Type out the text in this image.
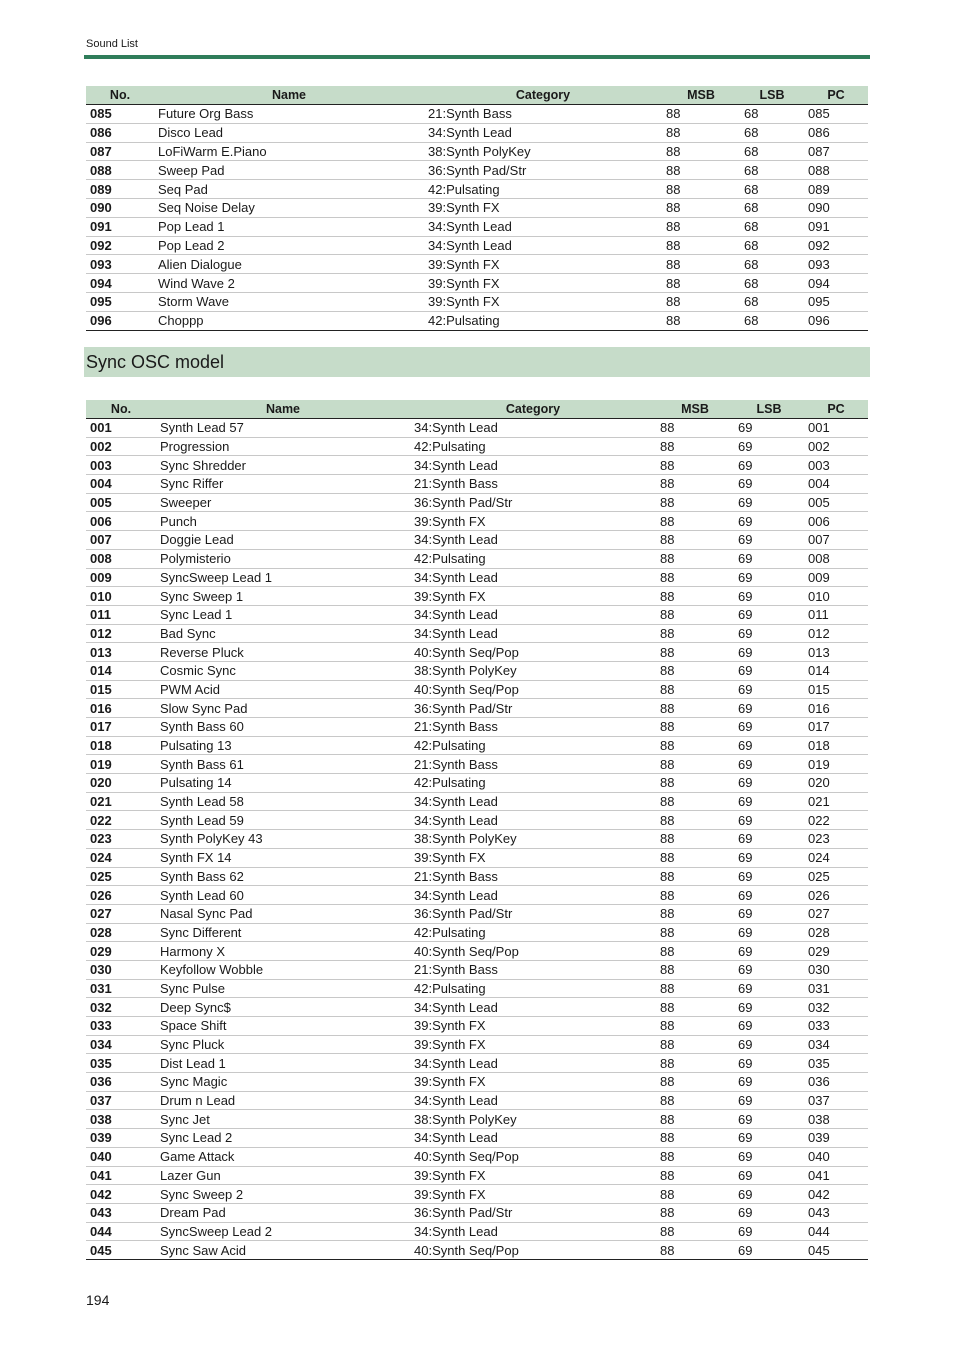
Sound List
No.	Name	Category	MSB	LSB	PC
085	Future Org Bass	21:Synth Bass	88	68	085
086	Disco Lead	34:Synth Lead	88	68	086
087	LoFiWarm E.Piano	38:Synth PolyKey	88	68	087
088	Sweep Pad	36:Synth Pad/Str	88	68	088
089	Seq Pad	42:Pulsating	88	68	089
090	Seq Noise Delay	39:Synth FX	88	68	090
091	Pop Lead 1	34:Synth Lead	88	68	091
092	Pop Lead 2	34:Synth Lead	88	68	092
093	Alien Dialogue	39:Synth FX	88	68	093
094	Wind Wave 2	39:Synth FX	88	68	094
095	Storm Wave	39:Synth FX	88	68	095
096	Choppp	42:Pulsating	88	68	096
Sync OSC model
No.	Name	Category	MSB	LSB	PC
001	Synth Lead 57	34:Synth Lead	88	69	001
002	Progression	42:Pulsating	88	69	002
003	Sync Shredder	34:Synth Lead	88	69	003
004	Sync Riffer	21:Synth Bass	88	69	004
005	Sweeper	36:Synth Pad/Str	88	69	005
006	Punch	39:Synth FX	88	69	006
007	Doggie Lead	34:Synth Lead	88	69	007
008	Polymisterio	42:Pulsating	88	69	008
009	SyncSweep Lead 1	34:Synth Lead	88	69	009
010	Sync Sweep 1	39:Synth FX	88	69	010
011	Sync Lead 1	34:Synth Lead	88	69	011
012	Bad Sync	34:Synth Lead	88	69	012
013	Reverse Pluck	40:Synth Seq/Pop	88	69	013
014	Cosmic Sync	38:Synth PolyKey	88	69	014
015	PWM Acid	40:Synth Seq/Pop	88	69	015
016	Slow Sync Pad	36:Synth Pad/Str	88	69	016
017	Synth Bass 60	21:Synth Bass	88	69	017
018	Pulsating 13	42:Pulsating	88	69	018
019	Synth Bass 61	21:Synth Bass	88	69	019
020	Pulsating 14	42:Pulsating	88	69	020
021	Synth Lead 58	34:Synth Lead	88	69	021
022	Synth Lead 59	34:Synth Lead	88	69	022
023	Synth PolyKey 43	38:Synth PolyKey	88	69	023
024	Synth FX 14	39:Synth FX	88	69	024
025	Synth Bass 62	21:Synth Bass	88	69	025
026	Synth Lead 60	34:Synth Lead	88	69	026
027	Nasal Sync Pad	36:Synth Pad/Str	88	69	027
028	Sync Different	42:Pulsating	88	69	028
029	Harmony X	40:Synth Seq/Pop	88	69	029
030	Keyfollow Wobble	21:Synth Bass	88	69	030
031	Sync Pulse	42:Pulsating	88	69	031
032	Deep Sync$	34:Synth Lead	88	69	032
033	Space Shift	39:Synth FX	88	69	033
034	Sync Pluck	39:Synth FX	88	69	034
035	Dist Lead 1	34:Synth Lead	88	69	035
036	Sync Magic	39:Synth FX	88	69	036
037	Drum n Lead	34:Synth Lead	88	69	037
038	Sync Jet	38:Synth PolyKey	88	69	038
039	Sync Lead 2	34:Synth Lead	88	69	039
040	Game Attack	40:Synth Seq/Pop	88	69	040
041	Lazer Gun	39:Synth FX	88	69	041
042	Sync Sweep 2	39:Synth FX	88	69	042
043	Dream Pad	36:Synth Pad/Str	88	69	043
044	SyncSweep Lead 2	34:Synth Lead	88	69	044
045	Sync Saw Acid	40:Synth Seq/Pop	88	69	045
194
